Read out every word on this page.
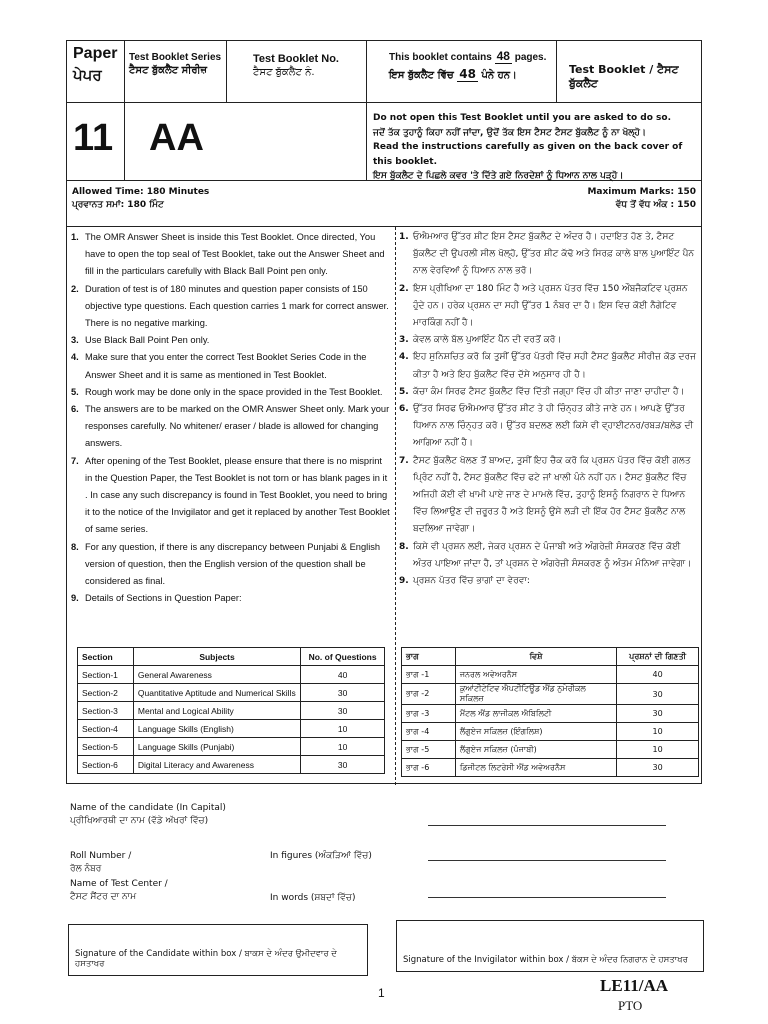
Paper
ਪੇਪਰ
Test Booklet Series
ਟੈਸਟ ਬੁੱਕਲੈਟ ਸੀਰੀਜ਼
Test Booklet No.
ਟੈਸਟ ਬੁੱਕਲੈਟ ਨੰ.
This booklet contains 48 pages.
ਇਸ ਬੁੱਕਲੈਟ ਵਿੱਚ 48 ਪੰਨੇ ਹਨ।	Test Booklet / ਟੈਸਟ ਬੁੱਕਲੈਟ
11 AA	Do not open this Test Booklet until you are asked to do so.
ਜਦੋਂ ਤੱਕ ਤੁਹਾਨੂੰ ਕਿਹਾ ਨਹੀਂ ਜਾਂਦਾ, ਉਦੋਂ ਤੱਕ ਇਸ ਟੈਸਟ ਟੈਸਟ ਬੁੱਕਲੈਟ ਨੂੰ ਨਾ ਖੋਲ੍ਹੋ।
Read the instructions carefully as given on the back cover of this booklet.
ਇਸ ਬੁੱਕਲੈਟ ਦੇ ਪਿਛਲੇ ਕਵਰ 'ਤੇ ਦਿੱਤੇ ਗਏ ਨਿਰਦੇਸ਼ਾਂ ਨੂੰ ਧਿਆਨ ਨਾਲ ਪੜ੍ਹੋ।
Allowed Time: 180 Minutes
ਪ੍ਰਵਾਨਤ ਸਮਾਂ: 180 ਮਿੰਟ
Maximum Marks: 150
ਵੱਧ ਤੋਂ ਵੱਧ ਅੰਕ : 150
1. The OMR Answer Sheet is inside this Test Booklet. Once directed, You have to open the top seal of Test Booklet, take out the Answer Sheet and fill in the particulars carefully with Black Ball Point pen only.
2. Duration of test is of 180 minutes and question paper consists of 150 objective type questions. Each question carries 1 mark for correct answer. There is no negative marking.
3. Use Black Ball Point Pen only.
4. Make sure that you enter the correct Test Booklet Series Code in the Answer Sheet and it is same as mentioned in Test Booklet.
5. Rough work may be done only in the space provided in the Test Booklet.
6. The answers are to be marked on the OMR Answer Sheet only. Mark your responses carefully. No whitener/ eraser / blade is allowed for changing answers.
7. After opening of the Test Booklet, please ensure that there is no misprint in the Question Paper, the Test Booklet is not torn or has blank pages in it . In case any such discrepancy is found in Test Booklet, you need to bring it to the notice of the Invigilator and get it replaced by another Test Booklet of same series.
8. For any question, if there is any discrepancy between Punjabi & English version of question, then the English version of the question shall be considered as final.
9. Details of Sections in Question Paper:
1. ਓਐਮਆਰ ਉੱਤਰ ਸ਼ੀਟ ਇਸ ਟੈਸਟ ਬੁੱਕਲੈਟ ਦੇ ਅੰਦਰ ਹੈ। ਹਦਾਇਤ ਹੋਣ ਤੇ, ਟੈਸਟ ਬੁੱਕਲੈਟ ਦੀ ਉਪਰਲੀ ਸੀਲ ਖੋਲ੍ਹੋ, ਉੱਤਰ ਸ਼ੀਟ ਕੱਢੋ ਅਤੇ ਸਿਰਫ਼ ਕਾਲੇ ਬਾਲ ਪੁਆਇੰਟ ਪੈਨ ਨਾਲ ਵੇਰਵਿਆਂ ਨੂੰ ਧਿਆਨ ਨਾਲ ਭਰੋ।
2. ਇਸ ਪ੍ਰੀਖਿਆ ਦਾ 180 ਮਿੰਟ ਹੈ ਅਤੇ ਪ੍ਰਸ਼ਨ ਪੱਤਰ ਵਿੱਚ 150 ਔਬਜੈਕਟਿਵ ਪ੍ਰਸ਼ਨ ਹੁੰਦੇ ਹਨ। ਹਰੇਕ ਪ੍ਰਸ਼ਨ ਦਾ ਸਹੀ ਉੱਤਰ 1 ਨੰਬਰ ਦਾ ਹੈ। ਇਸ ਵਿਚ ਕੋਈ ਨੈਗੇਟਿਵ ਮਾਰਕਿੰਗ ਨਹੀਂ ਹੈ।
3. ਕੇਵਲ ਕਾਲੇ ਬੱਲ ਪੁਆਇੰਟ ਪੈੱਨ ਦੀ ਵਰਤੋਂ ਕਰੋ।
4. ਇਹ ਸੁਨਿਸ਼ਚਿਤ ਕਰੋ ਕਿ ਤੁਸੀਂ ਉੱਤਰ ਪੱਤਰੀ ਵਿੱਚ ਸਹੀ ਟੈਸਟ ਬੁੱਕਲੈਟ ਸੀਰੀਜ਼ ਕੋਡ ਦਰਜ ਕੀਤਾ ਹੈ ਅਤੇ ਇਹ ਬੁੱਕਲੈਟ ਵਿੱਚ ਦੱਸੇ ਅਨੁਸਾਰ ਹੀ ਹੈ।
5. ਕੱਚਾ ਕੰਮ ਸਿਰਫ ਟੈਸਟ ਬੁੱਕਲੈਟ ਵਿੱਚ ਦਿੱਤੀ ਜਗ੍ਹਾ ਵਿੱਚ ਹੀ ਕੀਤਾ ਜਾਣਾ ਚਾਹੀਦਾ ਹੈ।
6. ਉੱਤਰ ਸਿਰਫ ਓਐਮਆਰ ਉੱਤਰ ਸ਼ੀਟ ਤੇ ਹੀ ਚਿੰਨ੍ਹਤ ਕੀਤੇ ਜਾਣੇ ਹਨ। ਆਪਣੇ ਉੱਤਰ ਧਿਆਨ ਨਾਲ ਚਿੰਨ੍ਹਤ ਕਰੋ। ਉੱਤਰ ਬਦਲਣ ਲਈ ਕਿਸੇ ਵੀ ਵ੍ਹਾਈਟਨਰ/ਰਬੜ/ਬਲੇਡ ਦੀ ਆਗਿਆ ਨਹੀਂ ਹੈ।
7. ਟੈਸਟ ਬੁੱਕਲੈਟ ਖੋਲਣ ਤੋਂ ਬਾਅਦ, ਤੁਸੀਂ ਇਹ ਚੈਕ ਕਰੋ ਕਿ ਪ੍ਰਸ਼ਨ ਪੱਤਰ ਵਿੱਚ ਕੋਈ ਗਲਤ ਪ੍ਰਿੰਟ ਨਹੀਂ ਹੈ, ਟੈਸਟ ਬੁੱਕਲੈਟ ਵਿੱਚ ਫਟੇ ਜਾਂ ਖਾਲੀ ਪੰਨੇ ਨਹੀਂ ਹਨ। ਟੈਸਟ ਬੁੱਕਲੈਟ ਵਿੱਚ ਅਜਿਹੀ ਕੋਈ ਵੀ ਖਾਮੀ ਪਾਏ ਜਾਣ ਦੇ ਮਾਮਲੇ ਵਿੱਚ, ਤੁਹਾਨੂੰ ਇਸਨੂੰ ਨਿਗਰਾਨ ਦੇ ਧਿਆਨ ਵਿੱਚ ਲਿਆਉਣ ਦੀ ਜ਼ਰੂਰਤ ਹੈ ਅਤੇ ਇਸਨੂੰ ਉਸੇ ਲੜੀ ਦੀ ਇੱਕ ਹੋਰ ਟੈਸਟ ਬੁੱਕਲੈਟ ਨਾਲ ਬਦਲਿਆ ਜਾਵੇਗਾ।
8. ਕਿਸੇ ਵੀ ਪ੍ਰਸ਼ਨ ਲਈ, ਜੇਕਰ ਪ੍ਰਸ਼ਨ ਦੇ ਪੰਜਾਬੀ ਅਤੇ ਅੰਗਰੇਜ਼ੀ ਸੰਸਕਰਣ ਵਿੱਚ ਕੋਈ ਅੰਤਰ ਪਾਇਆ ਜਾਂਦਾ ਹੈ, ਤਾਂ ਪ੍ਰਸ਼ਨ ਦੇ ਅੰਗਰੇਜ਼ੀ ਸੰਸਕਰਣ ਨੂੰ ਅੰਤਮ ਮੰਨਿਆ ਜਾਵੇਗਾ।
9. ਪ੍ਰਸ਼ਨ ਪੱਤਰ ਵਿੱਚ ਭਾਗਾਂ ਦਾ ਵੇਰਵਾ:
Section	Subjects	No. of Questions
Section-1	General Awareness	40
Section-2	Quantitative Aptitude and Numerical Skills	30
Section-3	Mental and Logical Ability	30
Section-4	Language Skills (English)	10
Section-5	Language Skills (Punjabi)	10
Section-6	Digital Literacy and Awareness	30
ਭਾਗ	ਵਿਸ਼ੇ	ਪ੍ਰਸ਼ਨਾਂ ਦੀ ਗਿਣਤੀ
ਭਾਗ -1	ਜਨਰਲ ਅਵੇਅਰਨੈਸ	40
ਭਾਗ -2	ਕੁਆਂਟੀਟੇਟਿਵ ਐਪਟੀਟਿਊਡ ਐਂਡ ਨੁਮੇਰੀਕਲ ਸਕਿਲਜ਼	30
ਭਾਗ -3	ਮੈਂਟਲ ਐਂਡ ਲਾਜੀਕਲ ਐਬਿਲਿਟੀ	30
ਭਾਗ -4	ਲੈਂਗੁਏਜ ਸਕਿਲਜ਼ (ਇੰਗਲਿਸ਼)	10
ਭਾਗ -5	ਲੈਂਗੁਏਜ ਸਕਿਲਜ਼ (ਪੰਜਾਬੀ)	10
ਭਾਗ -6	ਡਿਜੀਟਲ ਲਿਟਰੇਸੀ ਐਂਡ ਅਵੇਅਰਨੈਸ	30
Name of the candidate (In Capital)
ਪ੍ਰੀਖਿਆਰਥੀ ਦਾ ਨਾਮ (ਵੱਡੇ ਅੱਖਰਾਂ ਵਿੱਚ)
Roll Number /
ਰੋਲ ਨੰਬਰ
In figures (ਅੰਕੜਿਆਂ ਵਿੱਚ)
Name of Test Center /
ਟੈਸਟ ਸੈਂਟਰ ਦਾ ਨਾਮ	In words (ਸ਼ਬਦਾਂ ਵਿੱਚ)
Signature of the Candidate within box / ਬਾਕਸ ਦੇ ਅੰਦਰ ਉਮੀਦਵਾਰ ਦੇ ਹਸਤਾਖਰ	Signature of the Invigilator within box / ਬੱਕਸ ਦੇ ਅੰਦਰ ਨਿਗਰਾਨ ਦੇ ਹਸਤਾਖਰ
1	LE11/AA
PTO
